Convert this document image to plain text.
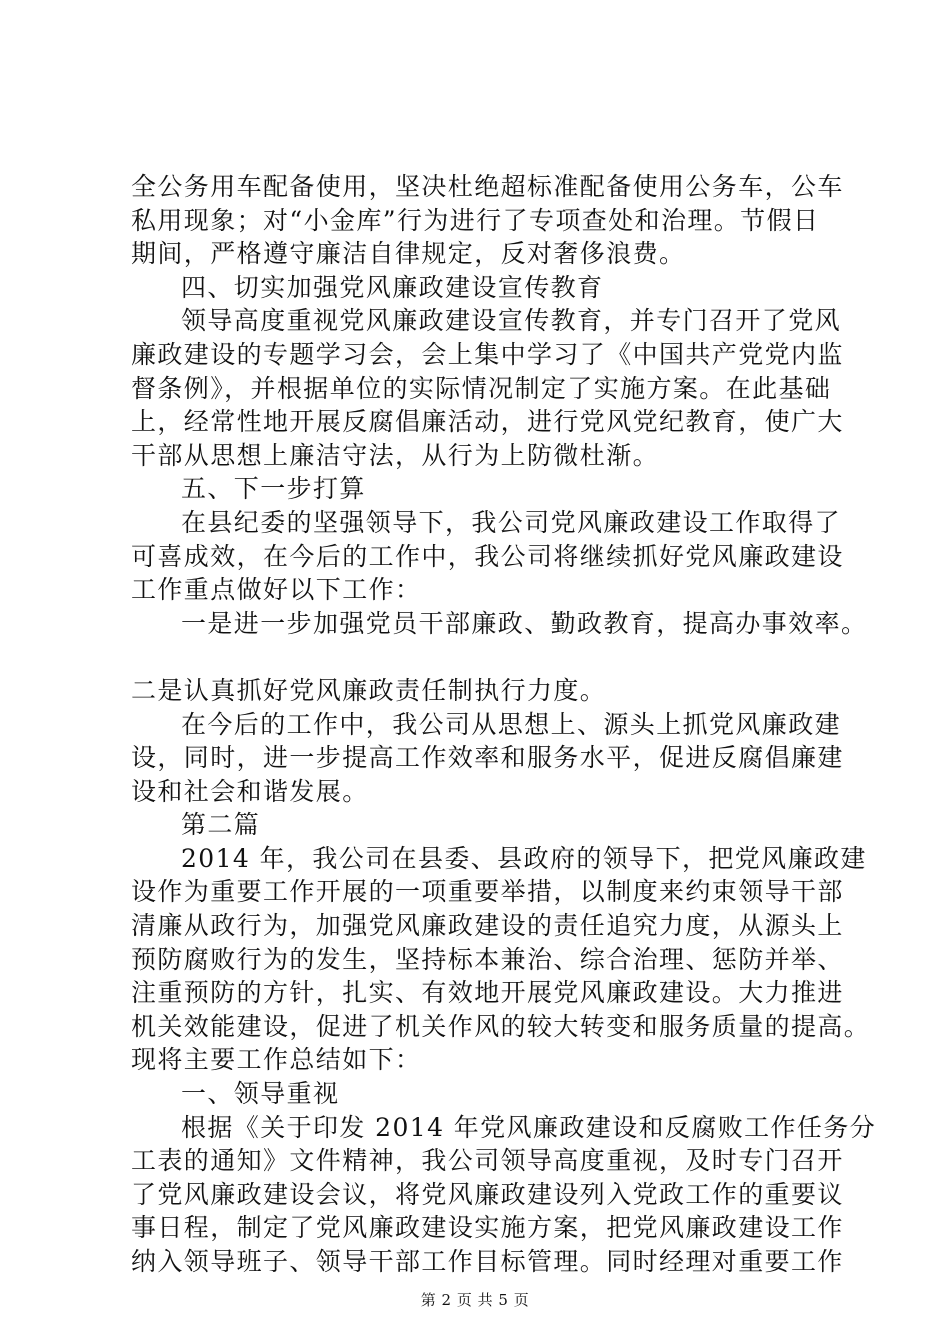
全公务用车配备使用，坚决杜绝超标准配备使用公务车，公车
私用现象；对“小金库”行为进行了专项查处和治理。节假日
期间，严格遵守廉洁自律规定，反对奢侈浪费。
四、切实加强党风廉政建设宣传教育
领导高度重视党风廉政建设宣传教育，并专门召开了党风
廉政建设的专题学习会，会上集中学习了《中国共产党党内监
督条例》，并根据单位的实际情况制定了实施方案。在此基础
上，经常性地开展反腐倡廉活动，进行党风党纪教育，使广大
干部从思想上廉洁守法，从行为上防微杜渐。
五、下一步打算
在县纪委的坚强领导下，我公司党风廉政建设工作取得了
可喜成效，在今后的工作中，我公司将继续抓好党风廉政建设
工作重点做好以下工作：
一是进一步加强党员干部廉政、勤政教育，提高办事效率。
二是认真抓好党风廉政责任制执行力度。
在今后的工作中，我公司从思想上、源头上抓党风廉政建
设，同时，进一步提高工作效率和服务水平，促进反腐倡廉建
设和社会和谐发展。
第二篇
2014 年，我公司在县委、县政府的领导下，把党风廉政建
设作为重要工作开展的一项重要举措，以制度来约束领导干部
清廉从政行为，加强党风廉政建设的责任追究力度，从源头上
预防腐败行为的发生，坚持标本兼治、综合治理、惩防并举、
注重预防的方针，扎实、有效地开展党风廉政建设。大力推进
机关效能建设，促进了机关作风的较大转变和服务质量的提高。
现将主要工作总结如下：
一、领导重视
根据《关于印发 2014 年党风廉政建设和反腐败工作任务分
工表的通知》文件精神，我公司领导高度重视，及时专门召开
了党风廉政建设会议，将党风廉政建设列入党政工作的重要议
事日程，制定了党风廉政建设实施方案，把党风廉政建设工作
纳入领导班子、领导干部工作目标管理。同时经理对重要工作
第 2 页 共 5 页
